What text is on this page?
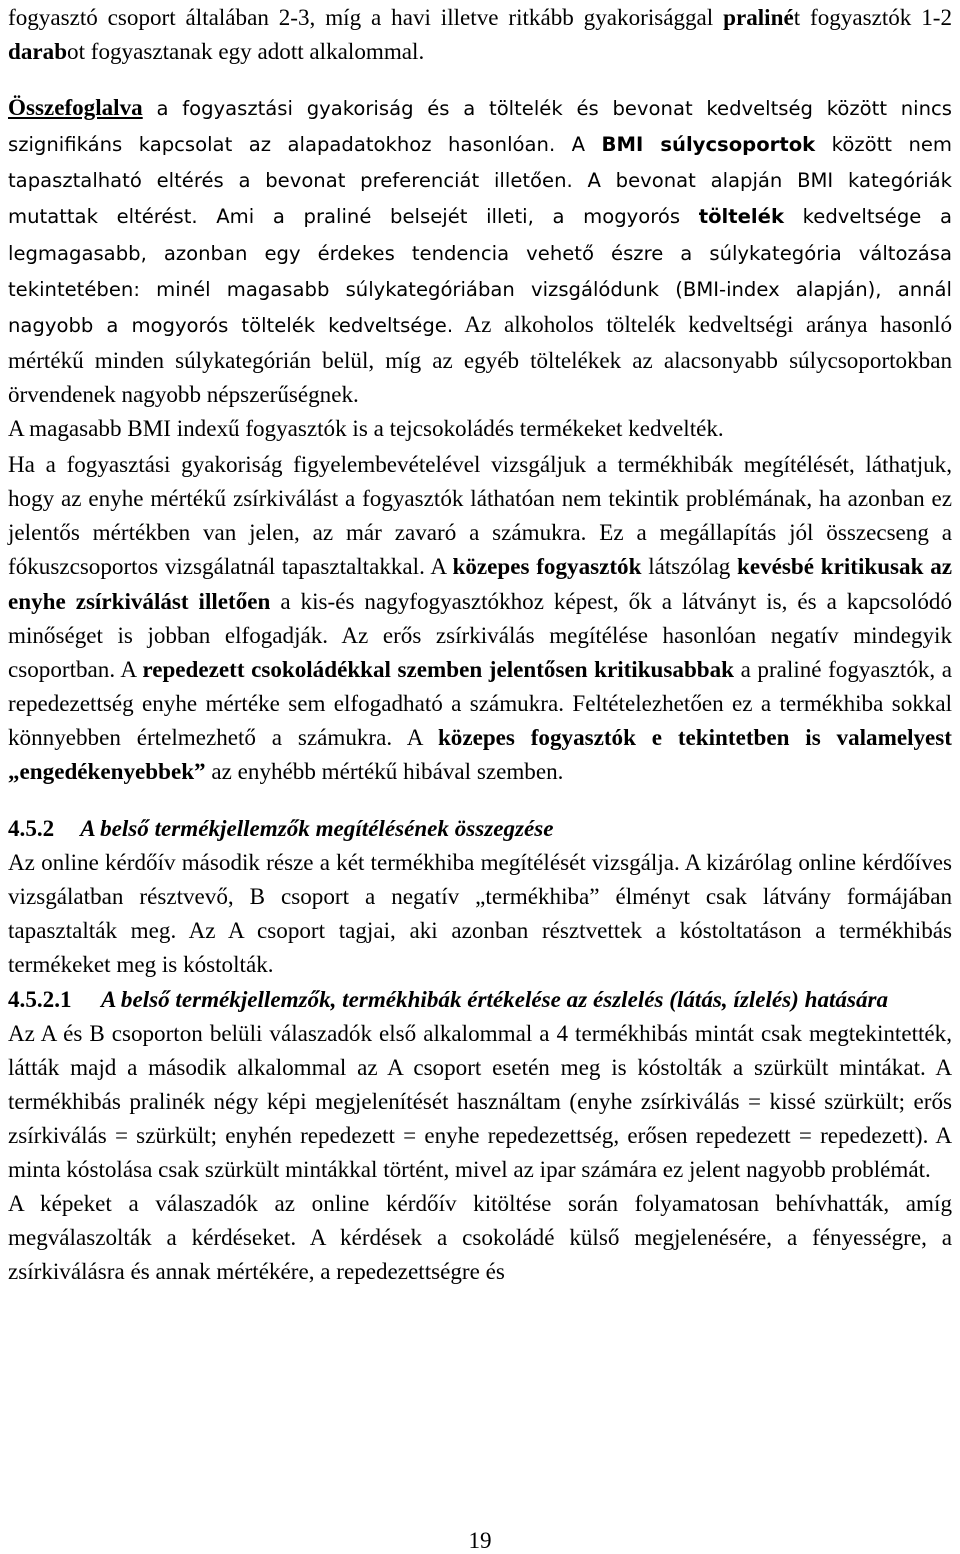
fogyasztó csoport általában 2-3, míg a havi illetve ritkább gyakorisággal pralinét fogyasztók 1-2 darabot fogyasztanak egy adott alkalommal.

Összefoglalva a fogyasztási gyakoriság és a töltelék és bevonat kedveltség között nincs szignifikáns kapcsolat az alapadatokhoz hasonlóan. A BMI súlycsoportok között nem tapasztalható eltérés a bevonat preferenciát illetően. A bevonat alapján BMI kategóriák mutattak eltérést. Ami a praliné belsejét illeti, a mogyorós töltelék kedveltsége a legmagasabb, azonban egy érdekes tendencia vehető észre a súlykategória változása tekintetében: minél magasabb súlykategóriában vizsgálódunk (BMI-index alapján), annál nagyobb a mogyorós töltelék kedveltsége. Az alkoholos töltelék kedveltségi aránya hasonló mértékű minden súlykategórián belül, míg az egyéb töltelékek az alacsonyabb súlycsoportokban örvendenek nagyobb népszerűségnek.

A magasabb BMI indexű fogyasztók is a tejcsokoládés termékeket kedvelték.

Ha a fogyasztási gyakoriság figyelembevételével vizsgáljuk a termékhibák megítélését, láthatjuk, hogy az enyhe mértékű zsírkiválást a fogyasztók láthatóan nem tekintik problémának, ha azonban ez jelentős mértékben van jelen, az már zavaró a számukra. Ez a megállapítás jól összecseng a fókuszcsoportos vizsgálatnál tapasztaltakkal. A közepes fogyasztók látszólag kevésbé kritikusak az enyhe zsírkiválást illetően a kis-és nagyfogyasztókhoz képest, ők a látványt is, és a kapcsolódó minőséget is jobban elfogadják. Az erős zsírkiválás megítélése hasonlóan negatív mindegyik csoportban. A repedezett csokoládékkal szemben jelentősen kritikusabbak a praliné fogyasztók, a repedezettség enyhe mértéke sem elfogadható a számukra. Feltételezhetően ez a termékhiba sokkal könnyebben értelmezhető a számukra. A közepes fogyasztók e tekintetben is valamelyest „engedékenyebbek” az enyhébb mértékű hibával szemben.

4.5.2 A belső termékjellemzők megítélésének összegzése

Az online kérdőív második része a két termékhiba megítélését vizsgálja. A kizárólag online kérdőíves vizsgálatban résztvevő, B csoport a negatív „termékhiba” élményt csak látvány formájában tapasztalták meg. Az A csoport tagjai, aki azonban résztvettek a kóstoltatáson a termékhibás termékeket meg is kóstolták.

4.5.2.1 A belső termékjellemzők, termékhibák értékelése az észlelés (látás, ízlelés) hatására

Az A és B csoporton belüli válaszadók első alkalommal a 4 termékhibás mintát csak megtekintették, látták majd a második alkalommal az A csoport esetén meg is kóstolták a szürkült mintákat. A termékhibás pralinék négy képi megjelenítését használtam (enyhe zsírkiválás = kissé szürkült; erős zsírkiválás = szürkült; enyhén repedezett = enyhe repedezettség, erősen repedezett = repedezett). A minta kóstolása csak szürkült mintákkal történt, mivel az ipar számára ez jelent nagyobb problémát.

A képeket a válaszadók az online kérdőív kitöltése során folyamatosan behívhatták, amíg megválaszolták a kérdéseket. A kérdések a csokoládé külső megjelenésére, a fényességre, a zsírkiválásra és annak mértékére, a repedezettségre és

19
